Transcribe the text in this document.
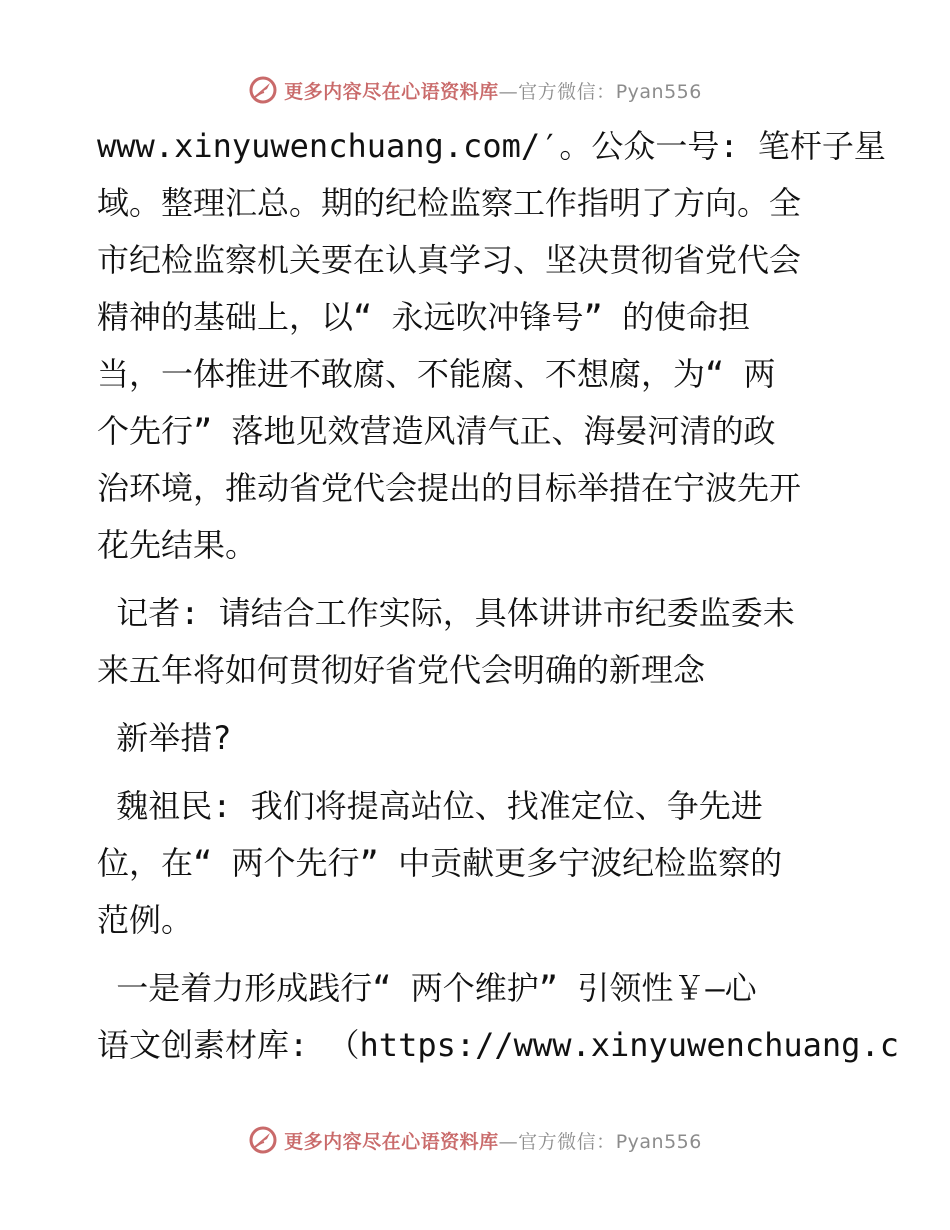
更多内容尽在心语资料库—官方微信：Pyan556
www.xinyuwenchuang.com/′。公众一号: 笔杆子星
域。整理汇总。期的纪检监察工作指明了方向。全
市纪检监察机关要在认真学习、坚决贯彻省党代会
精神的基础上，以“ 永远吹冲锋号” 的使命担
当，一体推进不敢腐、不能腐、不想腐，为“ 两
个先行” 落地见效营造风清气正、海晏河清的政
治环境，推动省党代会提出的目标举措在宁波先开
花先结果。
记者: 请结合工作实际，具体讲讲市纪委监委未
来五年将如何贯彻好省党代会明确的新理念
新举措?
魏祖民: 我们将提高站位、找准定位、争先进
位，在“ 两个先行” 中贡献更多宁波纪检监察的
范例。
一是着力形成践行“ 两个维护” 引领性￥—心
语文创素材库: （https://www.xinyuwenchuang.c
更多内容尽在心语资料库—官方微信：Pyan556
